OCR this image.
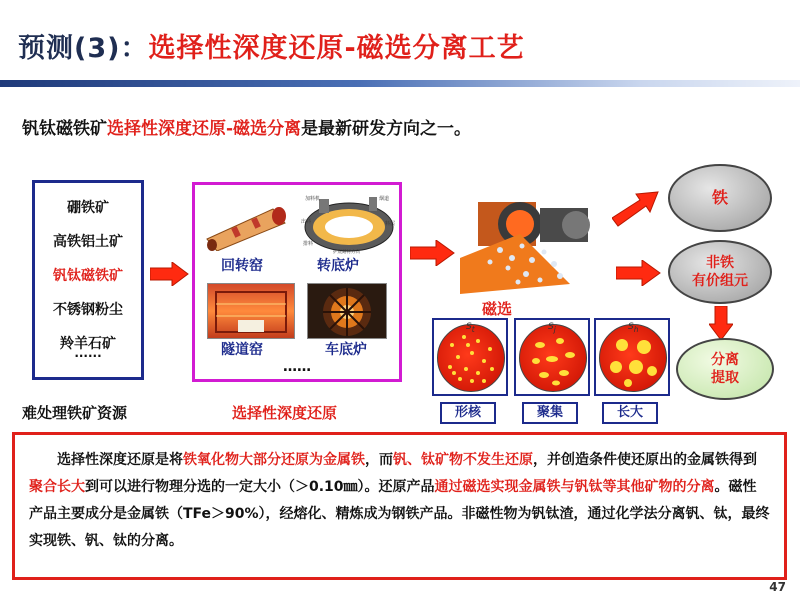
预测(3)：选择性深度还原-磁选分离工艺
钒钛磁铁矿选择性深度还原-磁选分离是最新研发方向之一。
硼铁矿
高铁铝土矿
钒钛磁铁矿
不锈钢粉尘
羚羊石矿
······
难处理铁矿资源
回转窑
加料机	烟道
出料	料层
护底耐材方向
排料
转底炉
隧道窑	车底炉
……
选择性深度还原
磁选
铁
非铁
有价组元
分离
提取
$S_t$
形核
$S_j$
聚集
$S_h$
长大
选择性深度还原是将铁氧化物大部分还原为金属铁，而钒、钛矿物不发生还原，并创造条件使还原出的金属铁得到聚合长大到可以进行物理分选的一定大小（＞0.10㎜）。还原产品通过磁选实现金属铁与钒钛等其他矿物的分离。磁性产品主要成分是金属铁（TFe＞90%），经熔化、精炼成为钢铁产品。非磁性物为钒钛渣，通过化学法分离钒、钛，最终实现铁、钒、钛的分离。
47
